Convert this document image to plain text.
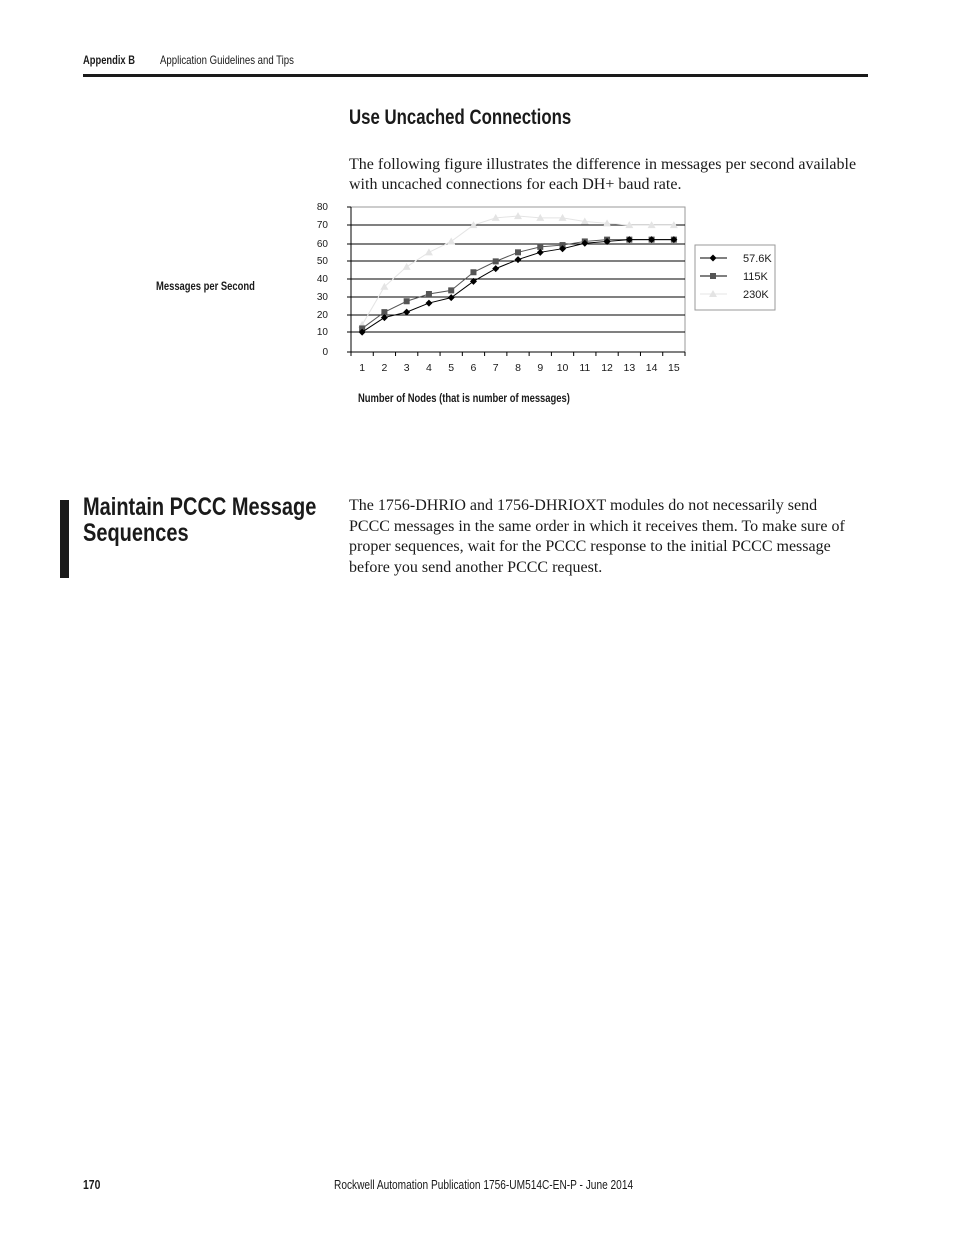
Appendix B Application Guidelines and Tips
Use Uncached Connections
The following figure illustrates the difference in messages per second available with uncached connections for each DH+ baud rate.
0
10
20
30
40
50
60
70
80
1 2 3 4 5 6 7 8 9 10 11 12 13 14 15
Messages per Second
Number of Nodes (that is number of messages)
57.6K
115K
230K
Maintain PCCC Message
Sequences
The 1756-DHRIO and 1756-DHRIOXT modules do not necessarily send PCCC messages in the same order in which it receives them. To make sure of proper sequences, wait for the PCCC response to the initial PCCC message before you send another PCCC request.
170	Rockwell Automation Publication 1756-UM514C-EN-P - June 2014
